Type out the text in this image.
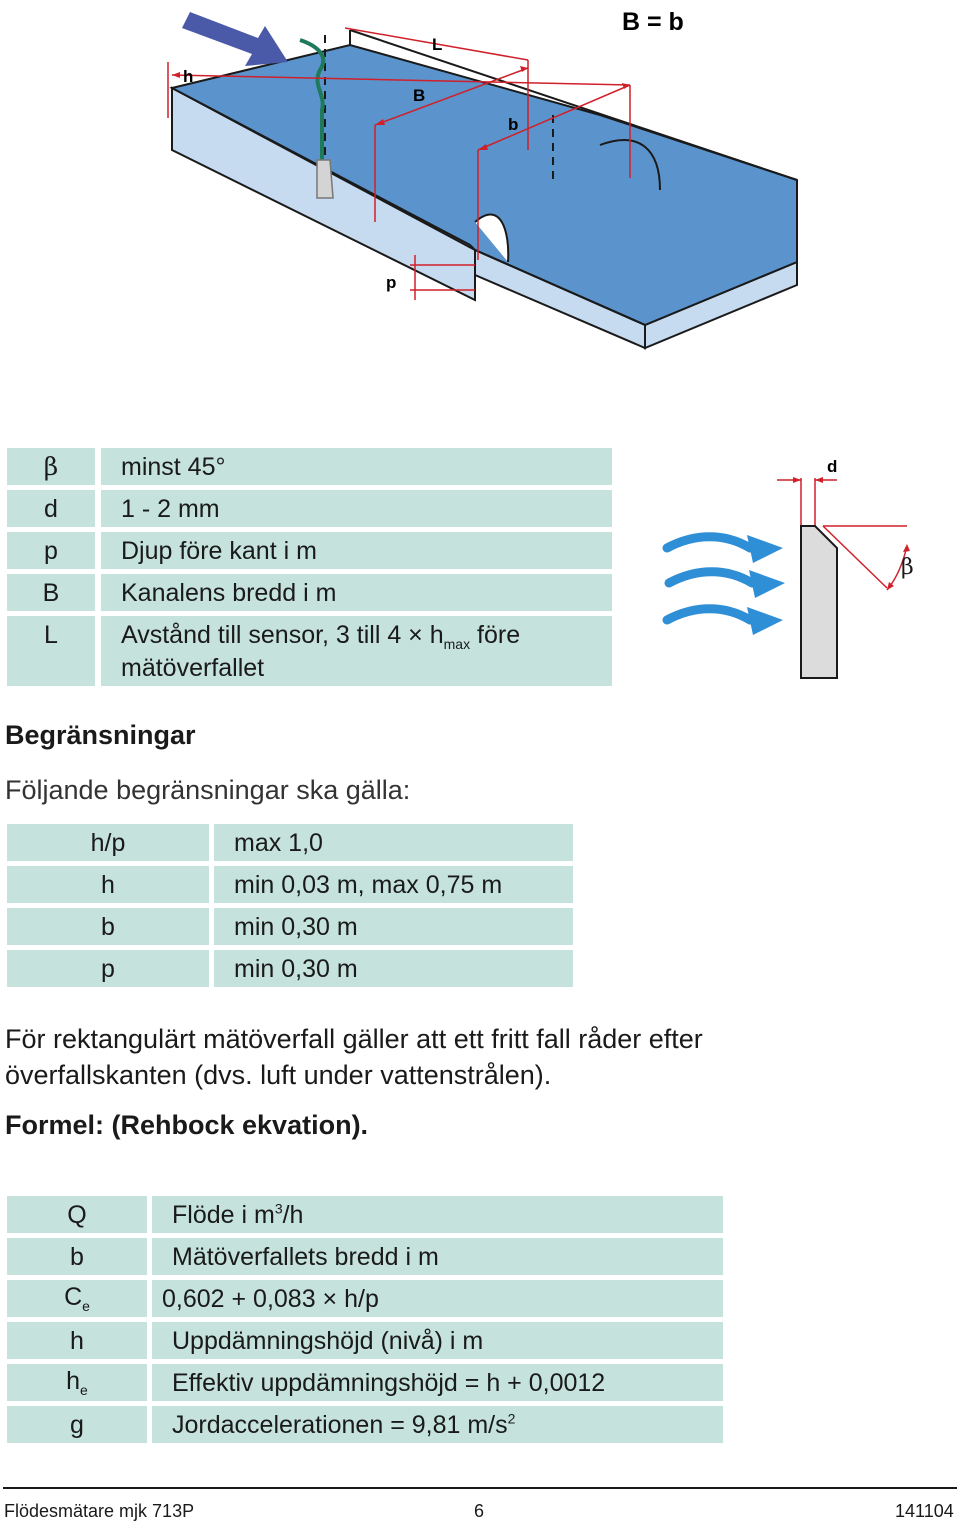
h
L
B
b
p
B = b
β	minst 45°
d	1 - 2 mm
p	Djup före kant i m
B Kanalens bredd i m
L	Avstånd till sensor, 3 till $4 \times h_{max}$ före
mätöverfallet
d
β
Begränsningar
Följande begränsningar ska gälla:
h/p	max 1,0
h	min 0,03 m, max 0,75 m
b	min 0,30 m
p	min 0,30 m
För rektangulärt mätöverfall gäller att ett fritt fall råder efter
överfallskanten (dvs. luft under vattenstrålen).
Formel: (Rehbock ekvation).
Q	Flöde i $m^3/h$
b	Mätöverfallets bredd i m
$C_e$	0,602 + 0,083 × h/p
h	Uppdämningshöjd (nivå) i m
$h_e$	Effektiv uppdämningshöjd = h + 0,0012
g	Jordaccelerationen = 9,81 $m/s^2$
Flödesmätare mjk 713P	6	141104
